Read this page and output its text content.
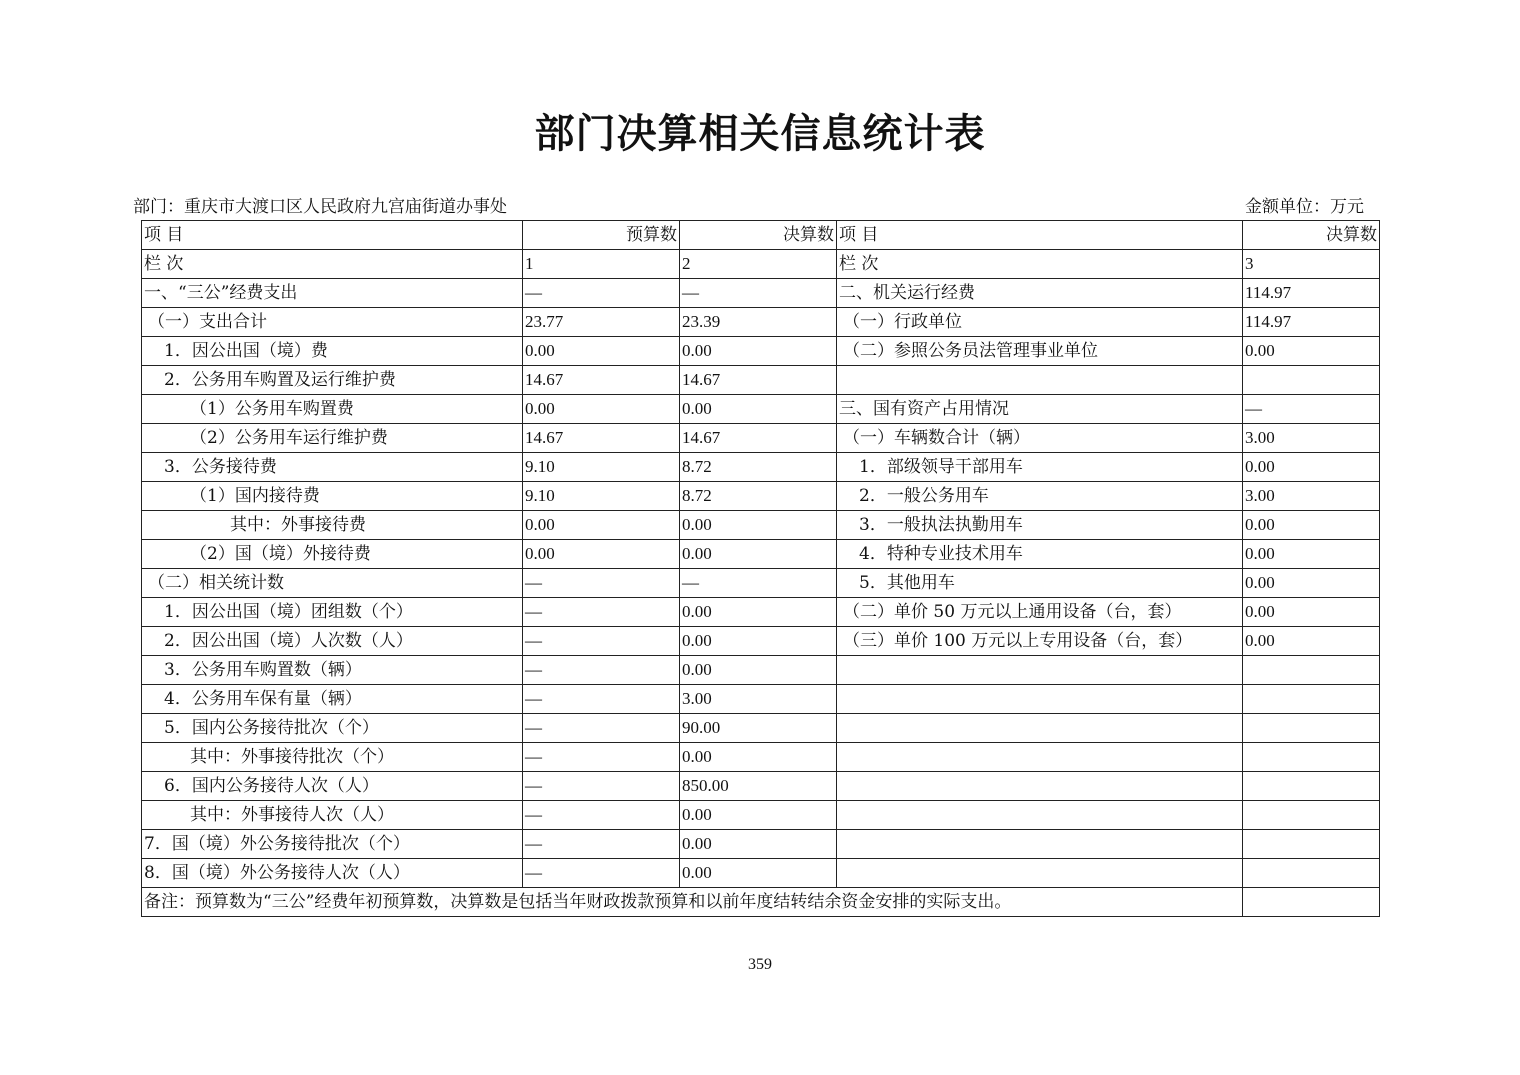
部门决算相关信息统计表
部门：重庆市大渡口区人民政府九宫庙街道办事处	金额单位：万元
项 目	预算数	决算数	项 目	决算数
栏 次	1	2	栏 次	3
一、“三公”经费支出	—	—	二、机关运行经费	114.97
（一）支出合计	23.77	23.39	（一）行政单位	114.97
1．因公出国（境）费	0.00	0.00	（二）参照公务员法管理事业单位	0.00
2．公务用车购置及运行维护费	14.67	14.67		
（1）公务用车购置费	0.00	0.00	三、国有资产占用情况	—
（2）公务用车运行维护费	14.67	14.67	（一）车辆数合计（辆）	3.00
3．公务接待费	9.10	8.72	1．部级领导干部用车	0.00
（1）国内接待费	9.10	8.72	2．一般公务用车	3.00
其中：外事接待费	0.00	0.00	3．一般执法执勤用车	0.00
（2）国（境）外接待费	0.00	0.00	4．特种专业技术用车	0.00
（二）相关统计数	—	—	5．其他用车	0.00
1．因公出国（境）团组数（个）	—	0.00	（二）单价 50 万元以上通用设备（台，套）	0.00
2．因公出国（境）人次数（人）	—	0.00	（三）单价 100 万元以上专用设备（台，套）	0.00
3．公务用车购置数（辆）	—	0.00		
4．公务用车保有量（辆）	—	3.00		
5．国内公务接待批次（个）	—	90.00		
其中：外事接待批次（个）	—	0.00		
6．国内公务接待人次（人）	—	850.00		
其中：外事接待人次（人）	—	0.00		
7．国（境）外公务接待批次（个）	—	0.00		
8．国（境）外公务接待人次（人）	—	0.00		
备注：预算数为“三公”经费年初预算数，决算数是包括当年财政拨款预算和以前年度结转结余资金安排的实际支出。				
359
